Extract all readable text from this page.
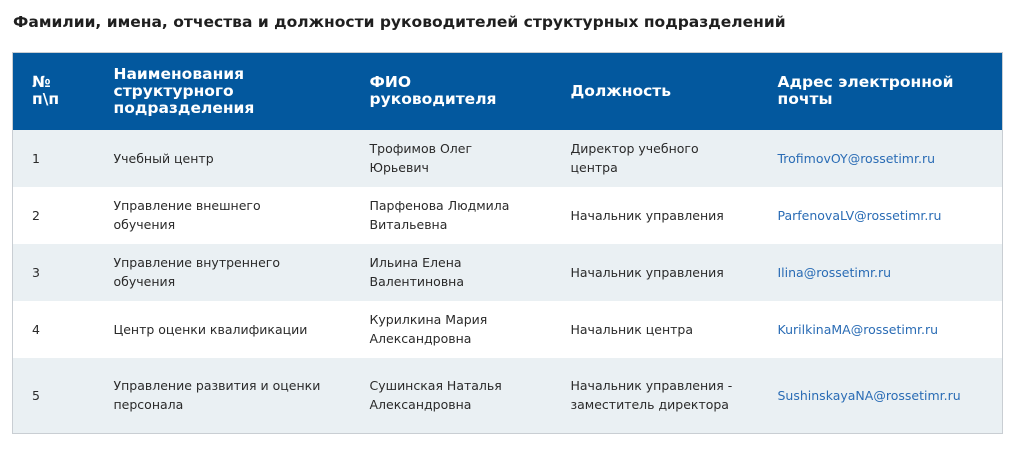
Фамилии, имена, отчества и должности руководителей структурных подразделений
№ п\п	Наименования структурного подразделения	ФИО руководителя	Должность	Адрес электронной почты
1	Учебный центр	Трофимов Олег Юрьевич	Директор учебного центра	TrofimovOY@rossetimr.ru
2	Управление внешнего обучения	Парфенова Людмила Витальевна	Начальник управления	ParfenovaLV@rossetimr.ru
3	Управление внутреннего обучения	Ильина Елена Валентиновна	Начальник управления	Ilina@rossetimr.ru
4	Центр оценки квалификации	Курилкина Мария Александровна	Начальник центра	KurilkinaMA@rossetimr.ru
5	Управление развития и оценки персонала	Сушинская Наталья Александровна	Начальник управления - заместитель директора	SushinskayaNA@rossetimr.ru
